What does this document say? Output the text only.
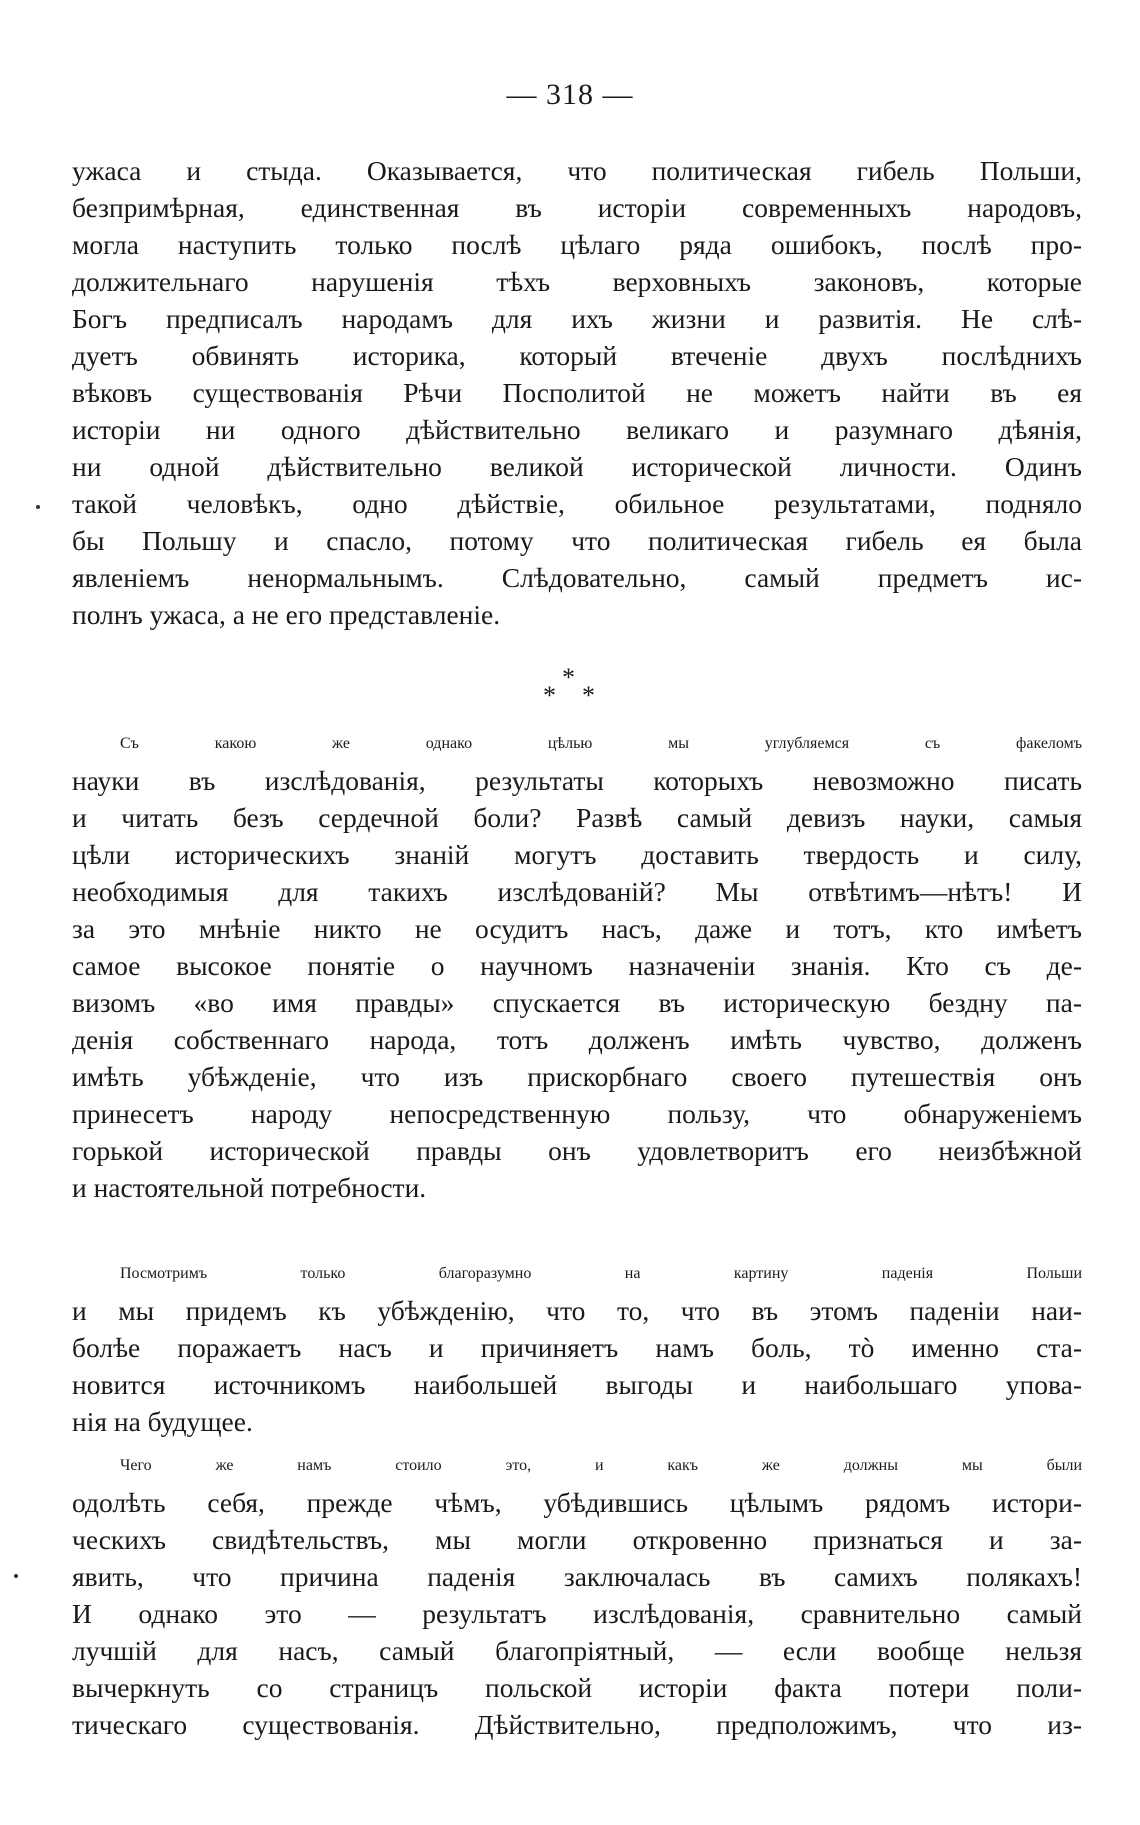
— 318 —
ужаса и стыда. Оказывается, что политическая гибель Польши,
безпримѣрная, единственная въ исторіи современныхъ народовъ,
могла наступить только послѣ цѣлаго ряда ошибокъ, послѣ про-
должительнаго нарушенія тѣхъ верховныхъ законовъ, которые
Богъ предписалъ народамъ для ихъ жизни и развитія. Не слѣ-
дуетъ обвинять историка, который втеченіе двухъ послѣднихъ
вѣковъ существованія Рѣчи Посполитой не можетъ найти въ ея
исторіи ни одного дѣйствительно великаго и разумнаго дѣянія,
ни одной дѣйствительно великой исторической личности. Одинъ
такой человѣкъ, одно дѣйствіе, обильное результатами, подняло
бы Польшу и спасло, потому что политическая гибель ея была
явленіемъ ненормальнымъ. Слѣдовательно, самый предметъ ис-
полнъ ужаса, а не его представленіе.
*
* *
Съ какою же однако цѣлью мы углубляемся съ факеломъ
науки въ изслѣдованія, результаты которыхъ невозможно писать
и читать безъ сердечной боли? Развѣ самый девизъ науки, самыя
цѣли историческихъ знаній могутъ доставить твердость и силу,
необходимыя для такихъ изслѣдованій? Мы отвѣтимъ—нѣтъ! И
за это мнѣніе никто не осудитъ насъ, даже и тотъ, кто имѣетъ
самое высокое понятіе о научномъ назначеніи знанія. Кто съ де-
визомъ «во имя правды» спускается въ историческую бездну па-
денія собственнаго народа, тотъ долженъ имѣть чувство, долженъ
имѣть убѣжденіе, что изъ прискорбнаго своего путешествія онъ
принесетъ народу непосредственную пользу, что обнаруженіемъ
горькой исторической правды онъ удовлетворитъ его неизбѣжной
и настоятельной потребности.
Посмотримъ только благоразумно на картину паденія Польши
и мы придемъ къ убѣжденію, что то, что въ этомъ паденіи наи-
болѣе поражаетъ насъ и причиняетъ намъ боль, тò именно ста-
новится источникомъ наибольшей выгоды и наибольшаго упова-
нія на будущее.
Чего же намъ стоило это, и какъ же должны мы были
одолѣть себя, прежде чѣмъ, убѣдившись цѣлымъ рядомъ истори-
ческихъ свидѣтельствъ, мы могли откровенно признаться и за-
явить, что причина паденія заключалась въ самихъ полякахъ!
И однако это — результатъ изслѣдованія, сравнительно самый
лучшій для насъ, самый благопріятный, — если вообще нельзя
вычеркнуть со страницъ польской исторіи факта потери поли-
тическаго существованія. Дѣйствительно, предположимъ, что из-
